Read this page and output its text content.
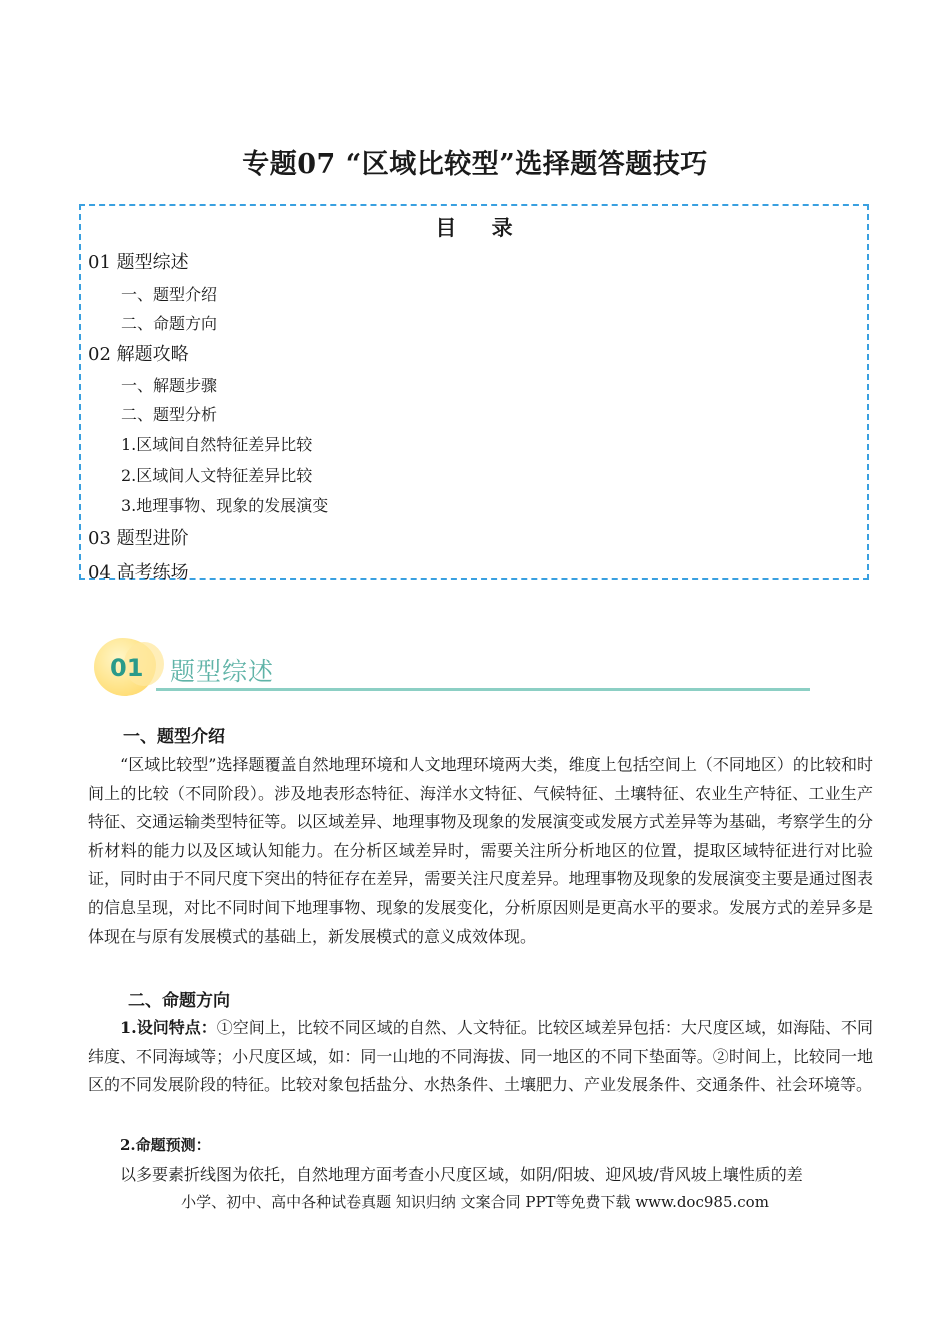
专题07 “区域比较型”选择题答题技巧
目 录
01 题型综述
一、题型介绍
二、命题方向
02 解题攻略
一、解题步骤
二、题型分析
1.区域间自然特征差异比较
2.区域间人文特征差异比较
3.地理事物、现象的发展演变
03 题型进阶
04 高考练场
01 题型综述
一、题型介绍
“区域比较型”选择题覆盖自然地理环境和人文地理环境两大类，维度上包括空间上（不同地区）的比较和时间上的比较（不同阶段）。涉及地表形态特征、海洋水文特征、气候特征、土壤特征、农业生产特征、工业生产特征、交通运输类型特征等。以区域差异、地理事物及现象的发展演变或发展方式差异等为基础，考察学生的分析材料的能力以及区域认知能力。在分析区域差异时，需要关注所分析地区的位置，提取区域特征进行对比验证，同时由于不同尺度下突出的特征存在差异，需要关注尺度差异。地理事物及现象的发展演变主要是通过图表的信息呈现，对比不同时间下地理事物、现象的发展变化，分析原因则是更高水平的要求。发展方式的差异多是体现在与原有发展模式的基础上，新发展模式的意义成效体现。
二、命题方向
1.设问特点：①空间上，比较不同区域的自然、人文特征。比较区域差异包括：大尺度区域，如海陆、不同纬度、不同海域等；小尺度区域，如：同一山地的不同海拔、同一地区的不同下垫面等。②时间上，比较同一地区的不同发展阶段的特征。比较对象包括盐分、水热条件、土壤肥力、产业发展条件、交通条件、社会环境等。
2.命题预测：
以多要素折线图为依托，自然地理方面考查小尺度区域，如阴/阳坡、迎风坡/背风坡上壤性质的差
小学、初中、高中各种试卷真题 知识归纳 文案合同 PPT等免费下载 www.doc985.com
